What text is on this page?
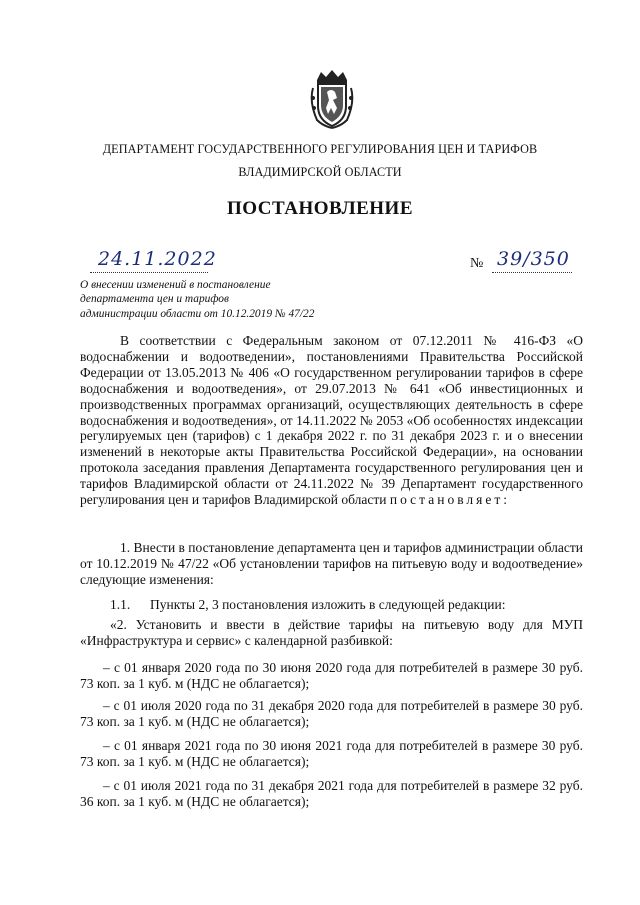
ДЕПАРТАМЕНТ ГОСУДАРСТВЕННОГО РЕГУЛИРОВАНИЯ ЦЕН И ТАРИФОВ
ВЛАДИМИРСКОЙ ОБЛАСТИ
ПОСТАНОВЛЕНИЕ
24.11.2022	№ 39/350
О внесении изменений в постановление
департамента цен и тарифов
администрации области от 10.12.2019 № 47/22
В соответствии с Федеральным законом от 07.12.2011 № 416-ФЗ «О водоснабжении и водоотведении», постановлениями Правительства Российской Федерации от 13.05.2013 № 406 «О государственном регулировании тарифов в сфере водоснабжения и водоотведения», от 29.07.2013 № 641 «Об инвестиционных и производственных программах организаций, осуществляющих деятельность в сфере водоснабжения и водоотведения», от 14.11.2022 № 2053 «Об особенностях индексации регулируемых цен (тарифов) с 1 декабря 2022 г. по 31 декабря 2023 г. и о внесении изменений в некоторые акты Правительства Российской Федерации», на основании протокола заседания правления Департамента государственного регулирования цен и тарифов Владимирской области от 24.11.2022 № 39 Департамент государственного регулирования цен и тарифов Владимирской области постановляет:
1. Внести в постановление департамента цен и тарифов администрации области от 10.12.2019 № 47/22 «Об установлении тарифов на питьевую воду и водоотведение» следующие изменения:
1.1. Пункты 2, 3 постановления изложить в следующей редакции:
«2. Установить и ввести в действие тарифы на питьевую воду для МУП «Инфраструктура и сервис» с календарной разбивкой:
– с 01 января 2020 года по 30 июня 2020 года для потребителей в размере 30 руб. 73 коп. за 1 куб. м (НДС не облагается);
– с 01 июля 2020 года по 31 декабря 2020 года для потребителей в размере 30 руб. 73 коп. за 1 куб. м (НДС не облагается);
– с 01 января 2021 года по 30 июня 2021 года для потребителей в размере 30 руб. 73 коп. за 1 куб. м (НДС не облагается);
– с 01 июля 2021 года по 31 декабря 2021 года для потребителей в размере 32 руб. 36 коп. за 1 куб. м (НДС не облагается);
